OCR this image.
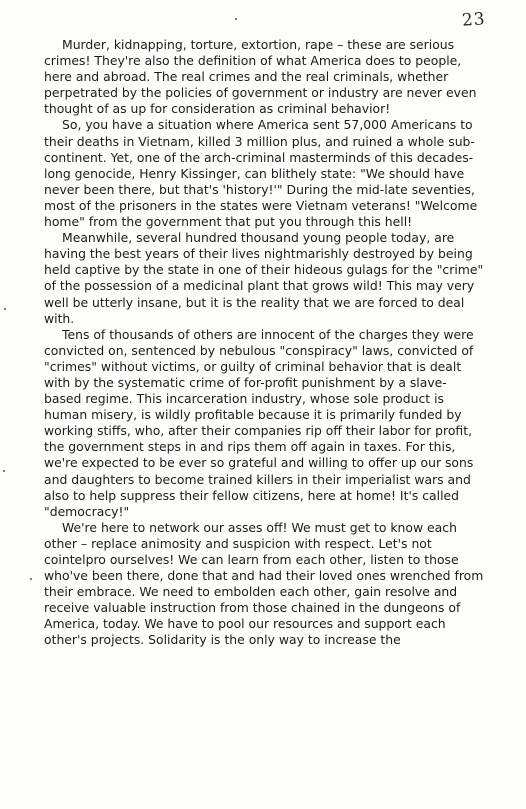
23

Murder, kidnapping, torture, extortion, rape – these are serious crimes! They're also the definition of what America does to people, here and abroad. The real crimes and the real criminals, whether perpetrated by the policies of government or industry are never even thought of as up for consideration as criminal behavior!

So, you have a situation where America sent 57,000 Americans to their deaths in Vietnam, killed 3 million plus, and ruined a whole sub-continent. Yet, one of the arch-criminal masterminds of this decades-long genocide, Henry Kissinger, can blithely state: "We should have never been there, but that's 'history!'" During the mid-late seventies, most of the prisoners in the states were Vietnam veterans! "Welcome home" from the government that put you through this hell!

Meanwhile, several hundred thousand young people today, are having the best years of their lives nightmarishly destroyed by being held captive by the state in one of their hideous gulags for the "crime" of the possession of a medicinal plant that grows wild! This may very well be utterly insane, but it is the reality that we are forced to deal with.

Tens of thousands of others are innocent of the charges they were convicted on, sentenced by nebulous "conspiracy" laws, convicted of "crimes" without victims, or guilty of criminal behavior that is dealt with by the systematic crime of for-profit punishment by a slave-based regime. This incarceration industry, whose sole product is human misery, is wildly profitable because it is primarily funded by working stiffs, who, after their companies rip off their labor for profit, the government steps in and rips them off again in taxes. For this, we're expected to be ever so grateful and willing to offer up our sons and daughters to become trained killers in their imperialist wars and also to help suppress their fellow citizens, here at home! It's called "democracy!"

We're here to network our asses off! We must get to know each other – replace animosity and suspicion with respect. Let's not cointelpro ourselves! We can learn from each other, listen to those who've been there, done that and had their loved ones wrenched from their embrace. We need to embolden each other, gain resolve and receive valuable instruction from those chained in the dungeons of America, today. We have to pool our resources and support each other's projects. Solidarity is the only way to increase the
